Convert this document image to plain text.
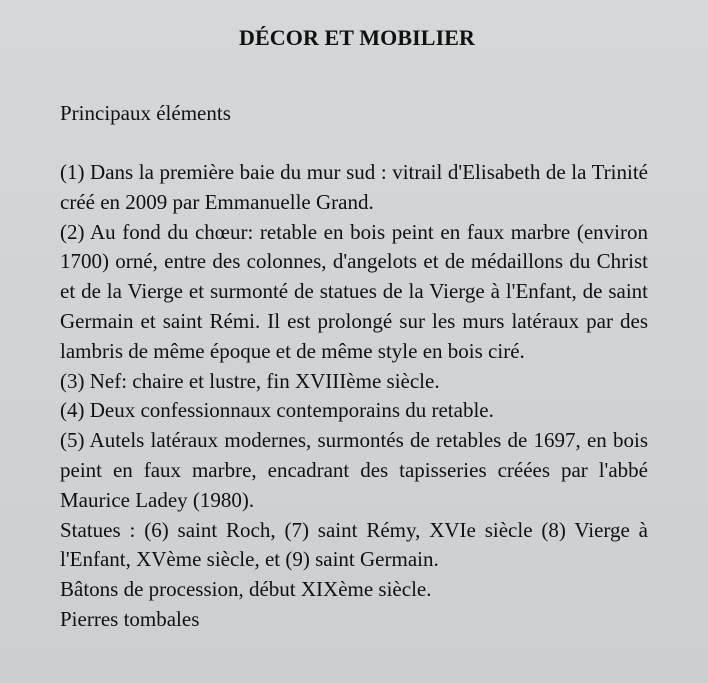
DÉCOR ET MOBILIER
Principaux éléments

(1) Dans la première baie du mur sud : vitrail d'Elisabeth de la Trinité créé en 2009 par Emmanuelle Grand.

(2) Au fond du chœur: retable en bois peint en faux marbre (environ 1700) orné, entre des colonnes, d'angelots et de médaillons du Christ et de la Vierge et surmonté de statues de la Vierge à l'Enfant, de saint Germain et saint Rémi. Il est prolongé sur les murs latéraux par des lambris de même époque et de même style en bois ciré.

(3) Nef: chaire et lustre, fin XVIIIème siècle.

(4) Deux confessionnaux contemporains du retable.

(5) Autels latéraux modernes, surmontés de retables de 1697, en bois peint en faux marbre, encadrant des tapisseries créées par l'abbé Maurice Ladey (1980).

Statues : (6) saint Roch, (7) saint Rémy, XVIe siècle (8) Vierge à l'Enfant, XVème siècle, et (9) saint Germain.

Bâtons de procession, début XIXème siècle.

Pierres tombales
